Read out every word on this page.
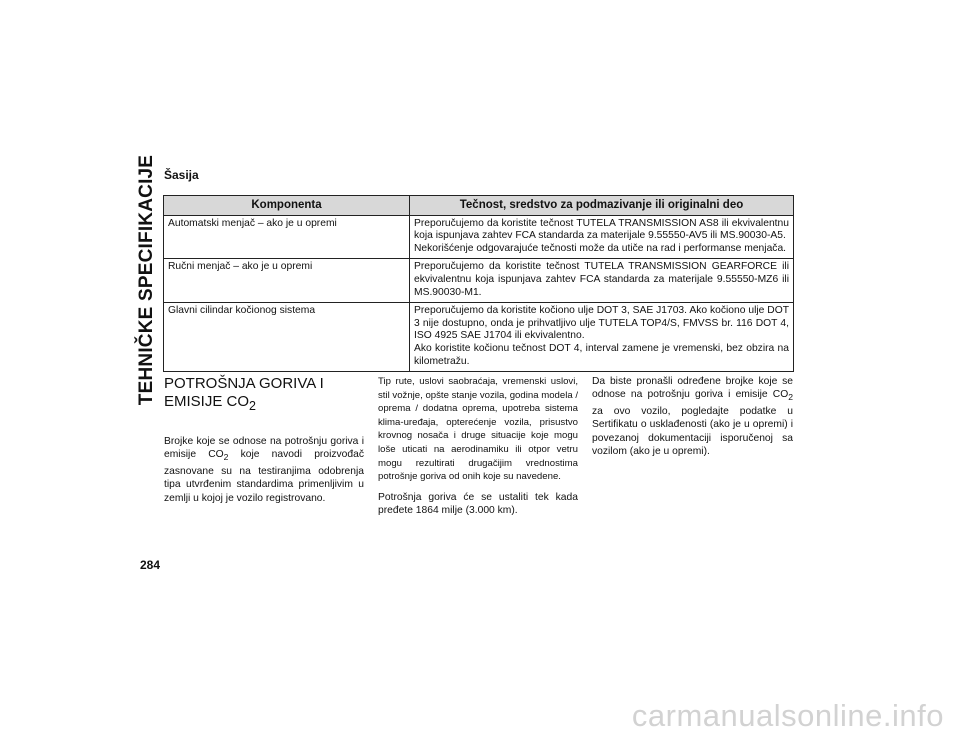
TEHNIČKE SPECIFIKACIJE Šasija
Komponenta	Tečnost, sredstvo za podmazivanje ili originalni deo
Automatski menjač – ako je u opremi	Preporučujemo da koristite tečnost TUTELA TRANSMISSION AS8 ili ekvivalentnu koja ispunjava zahtev FCA standarda za materijale 9.55550-AV5 ili MS.90030-A5.
Nekorišćenje odgovarajuće tečnosti može da utiče na rad i performanse menjača.

Ručni menjač – ako je u opremi	Preporučujemo da koristite tečnost TUTELA TRANSMISSION GEARFORCE ili ekvivalentnu koja ispunjava zahtev FCA standarda za materijale 9.55550-MZ6 ili MS.90030-M1.

Glavni cilindar kočionog sistema	Preporučujemo da koristite kočiono ulje DOT 3, SAE J1703. Ako kočiono ulje DOT 3 nije dostupno, onda je prihvatljivo ulje TUTELA TOP4/S, FMVSS br. 116 DOT 4, ISO 4925 SAE J1704 ili ekvivalentno.
Ako koristite kočionu tečnost DOT 4, interval zamene je vremenski, bez obzira na kilometražu.
POTROŠNJA GORIVA I EMISIJE $CO_2$

Brojke koje se odnose na potrošnju goriva i emisije $CO_2$ koje navodi proizvođač zasnovane su na testiranjima odobrenja tipa utvrđenim standardima primenljivim u zemlji u kojoj je vozilo registrovano.

Tip rute, uslovi saobraćaja, vremenski uslovi, stil vožnje, opšte stanje vozila, godina modela / oprema / dodatna oprema, upotreba sistema klima-uređaja, opterećenje vozila, prisustvo krovnog nosača i druge situacije koje mogu loše uticati na aerodinamiku ili otpor vetru mogu rezultirati drugačijim vrednostima potrošnje goriva od onih koje su navedene.

Potrošnja goriva će se ustaliti tek kada pređete 1864 milje (3.000 km).

Da biste pronašli određene brojke koje se odnose na potrošnju goriva i emisije $CO_2$ za ovo vozilo, pogledajte podatke u Sertifikatu o usklađenosti (ako je u opremi) i povezanoj dokumentaciji isporučenoj sa vozilom (ako je u opremi).

284
carmanualsonline.info
